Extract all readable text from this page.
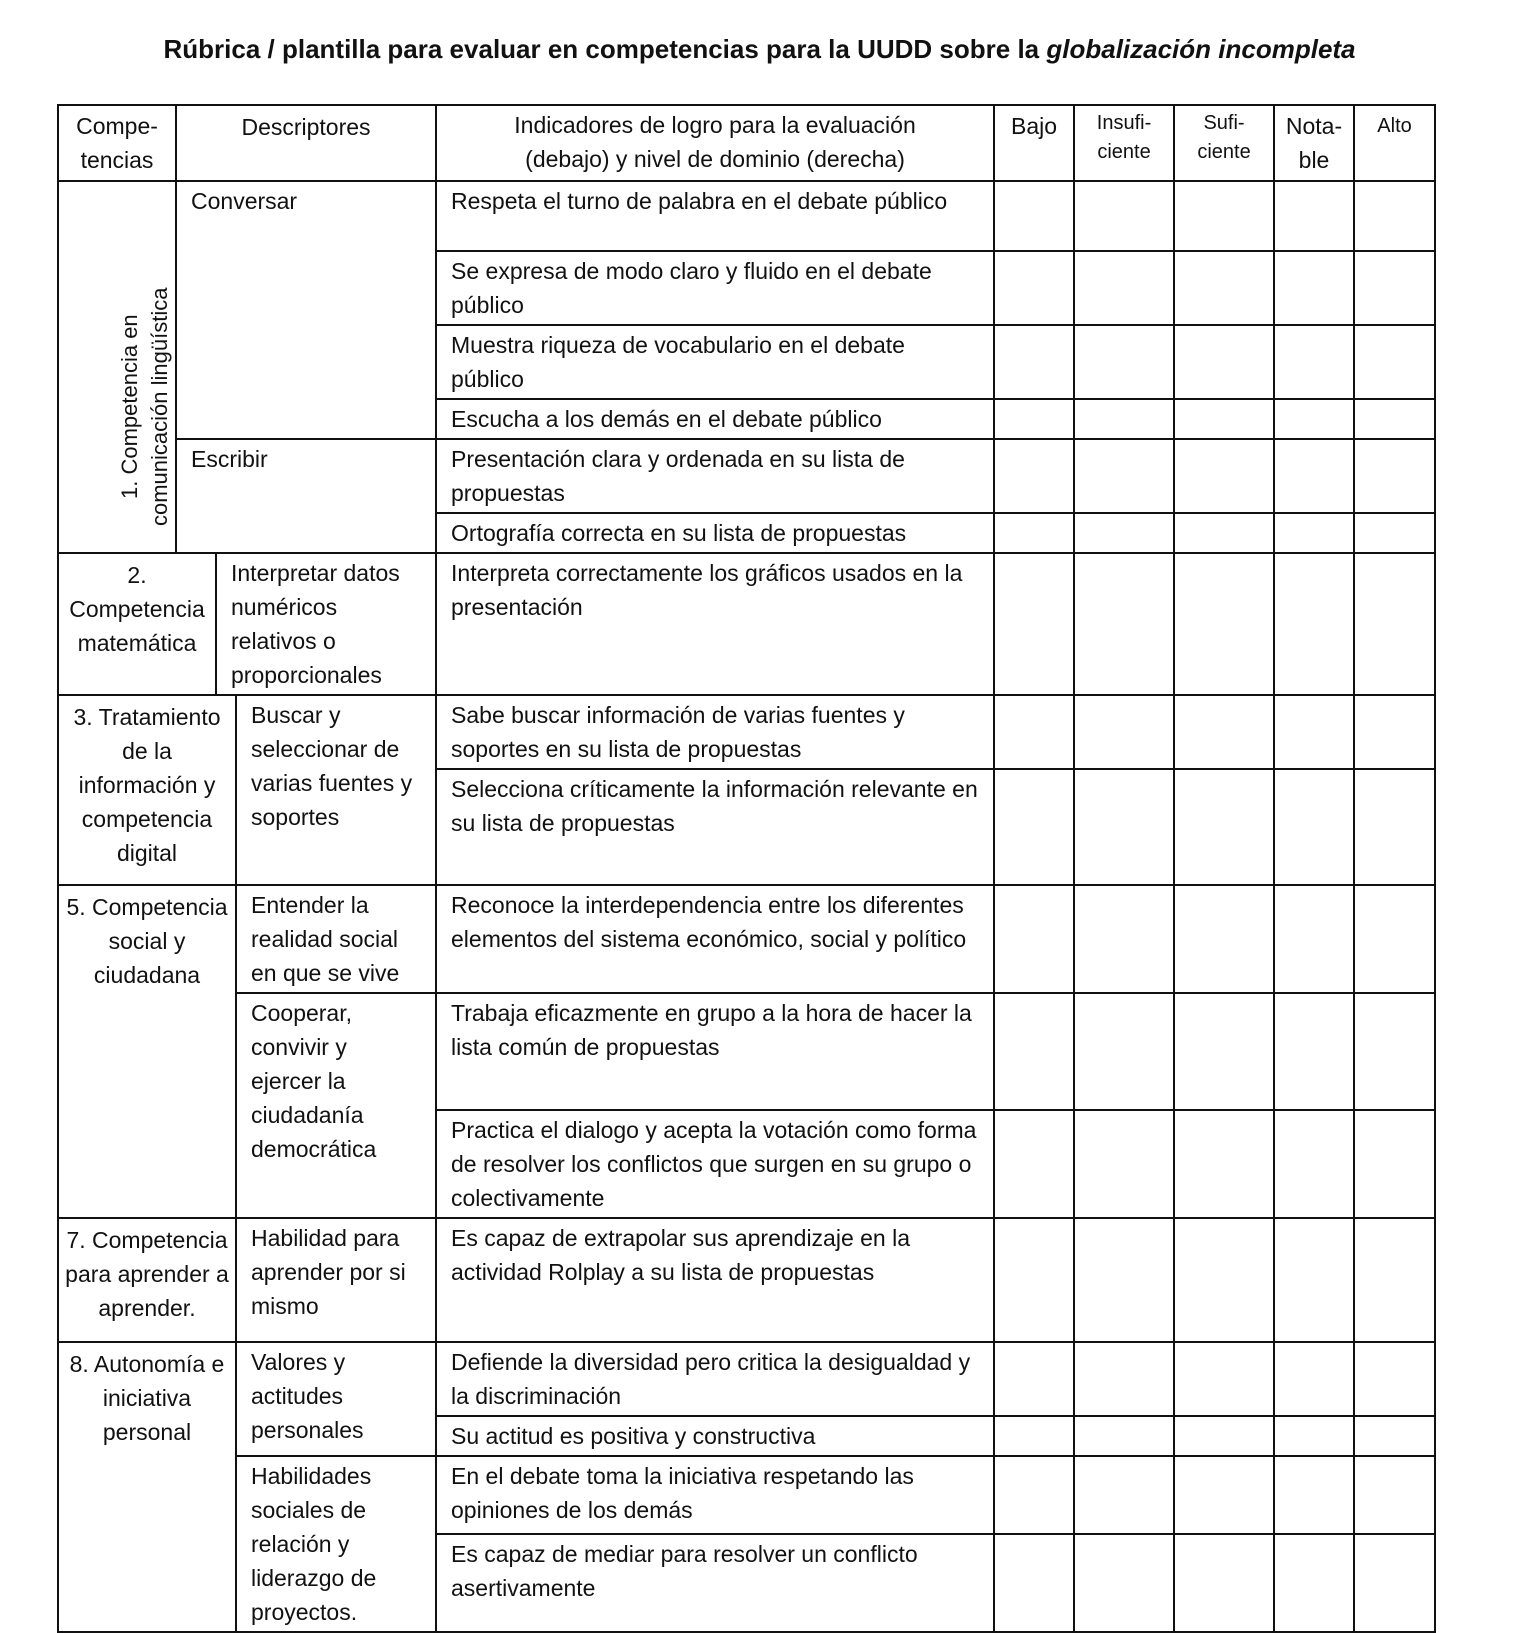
Rúbrica / plantilla para evaluar en competencias para la UUDD sobre la globalización incompleta
Compe-tencias	Descriptores			Indicadores de logro para la evaluación (debajo) y nivel de dominio (derecha)	Bajo	Insufi-ciente	Sufi-ciente	Nota-ble	Alto

1. Competencia en comunicación lingüística	Conversar			Respeta el turno de palabra en el debate público					
				Se expresa de modo claro y fluido en el debate público					
				Muestra riqueza de vocabulario en el debate público					
				Escucha a los demás en el debate público					
	Escribir			Presentación clara y ordenada en su lista de propuestas					
				Ortografía correcta en su lista de propuestas					
2. Competencia matemática		Interpretar datos numéricos relativos o proporcionales		Interpreta correctamente los gráficos usados en la presentación					
3. Tratamiento de la información y competencia digital			Buscar y seleccionar de varias fuentes y soportes	Sabe buscar información de varias fuentes y soportes en su lista de propuestas					
				Selecciona críticamente la información relevante en su lista de propuestas					
5. Competencia social y ciudadana			Entender la realidad social en que se vive	Reconoce la interdependencia entre los diferentes elementos del sistema económico, social y político					
			Cooperar, convivir y ejercer la ciudadanía democrática	Trabaja eficazmente en grupo a la hora de hacer la lista común de propuestas					
				Practica el dialogo y acepta la votación como forma de resolver los conflictos que surgen en su grupo o colectivamente					
7. Competencia para aprender a aprender.			Habilidad para aprender por si mismo	Es capaz de extrapolar sus aprendizaje en la actividad Rolplay a su lista de propuestas					
8. Autonomía e iniciativa personal			Valores y actitudes personales	Defiende la diversidad pero critica la desigualdad y la discriminación					
				Su actitud es positiva y constructiva					
			Habilidades sociales de relación y liderazgo de proyectos.	En el debate toma la iniciativa respetando las opiniones de los demás					
				Es capaz de mediar para resolver un conflicto asertivamente					
